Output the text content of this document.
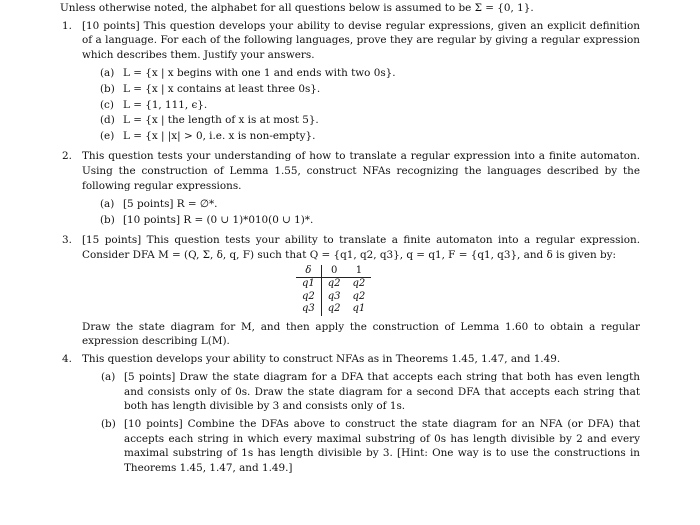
Unless otherwise noted, the alphabet for all questions below is assumed to be Σ = {0, 1}.
1. [10 points] This question develops your ability to devise regular expressions, given an explicit definition of a language. For each of the following languages, prove they are regular by giving a regular expression which describes them. Justify your answers.
(a) L = {x | x begins with one 1 and ends with two 0s}.
(b) L = {x | x contains at least three 0s}.
(c) L = {1, 111, ϵ}.
(d) L = {x | the length of x is at most 5}.
(e) L = {x | |x| > 0, i.e. x is non-empty}.
2. This question tests your understanding of how to translate a regular expression into a finite automaton. Using the construction of Lemma 1.55, construct NFAs recognizing the languages described by the following regular expressions.
(a) [5 points] R = ∅*.
(b) [10 points] R = (0 ∪ 1)*010(0 ∪ 1)*.
3. [15 points] This question tests your ability to translate a finite automaton into a regular expression. Consider DFA M = (Q, Σ, δ, q, F) such that Q = {q1, q2, q3}, q = q1, F = {q1, q3}, and δ is given by:
δ	0	1
q1	q2	q2
q2	q3	q2
q3	q2	q1
Draw the state diagram for M, and then apply the construction of Lemma 1.60 to obtain a regular expression describing L(M).
4. This question develops your ability to construct NFAs as in Theorems 1.45, 1.47, and 1.49.
(a) [5 points] Draw the state diagram for a DFA that accepts each string that both has even length and consists only of 0s. Draw the state diagram for a second DFA that accepts each string that both has length divisible by 3 and consists only of 1s.
(b) [10 points] Combine the DFAs above to construct the state diagram for an NFA (or DFA) that accepts each string in which every maximal substring of 0s has length divisible by 2 and every maximal substring of 1s has length divisible by 3. [Hint: One way is to use the constructions in Theorems 1.45, 1.47, and 1.49.]
